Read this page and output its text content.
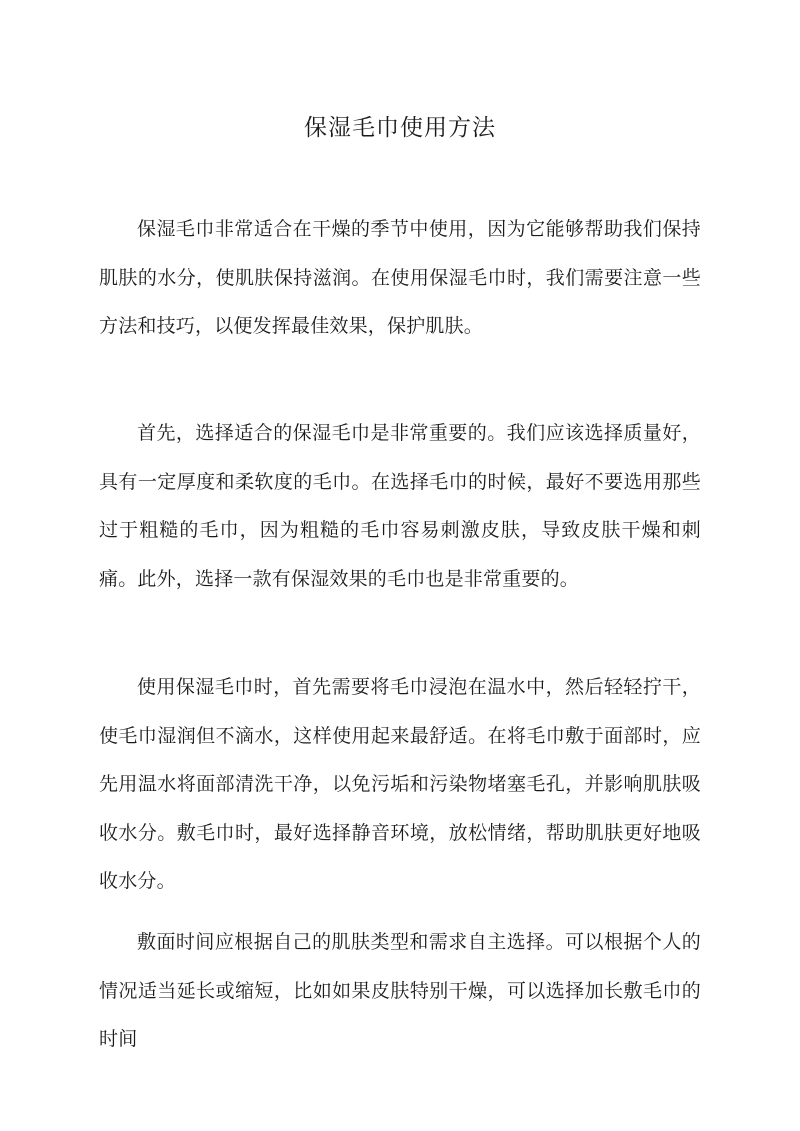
保湿毛巾使用方法

保湿毛巾非常适合在干燥的季节中使用，因为它能够帮助我们保持肌肤的水分，使肌肤保持滋润。在使用保湿毛巾时，我们需要注意一些方法和技巧，以便发挥最佳效果，保护肌肤。

首先，选择适合的保湿毛巾是非常重要的。我们应该选择质量好，具有一定厚度和柔软度的毛巾。在选择毛巾的时候，最好不要选用那些过于粗糙的毛巾，因为粗糙的毛巾容易刺激皮肤，导致皮肤干燥和刺痛。此外，选择一款有保湿效果的毛巾也是非常重要的。

使用保湿毛巾时，首先需要将毛巾浸泡在温水中，然后轻轻拧干，使毛巾湿润但不滴水，这样使用起来最舒适。在将毛巾敷于面部时，应先用温水将面部清洗干净，以免污垢和污染物堵塞毛孔，并影响肌肤吸收水分。敷毛巾时，最好选择静音环境，放松情绪，帮助肌肤更好地吸收水分。

敷面时间应根据自己的肌肤类型和需求自主选择。可以根据个人的情况适当延长或缩短，比如如果皮肤特别干燥，可以选择加长敷毛巾的时间
